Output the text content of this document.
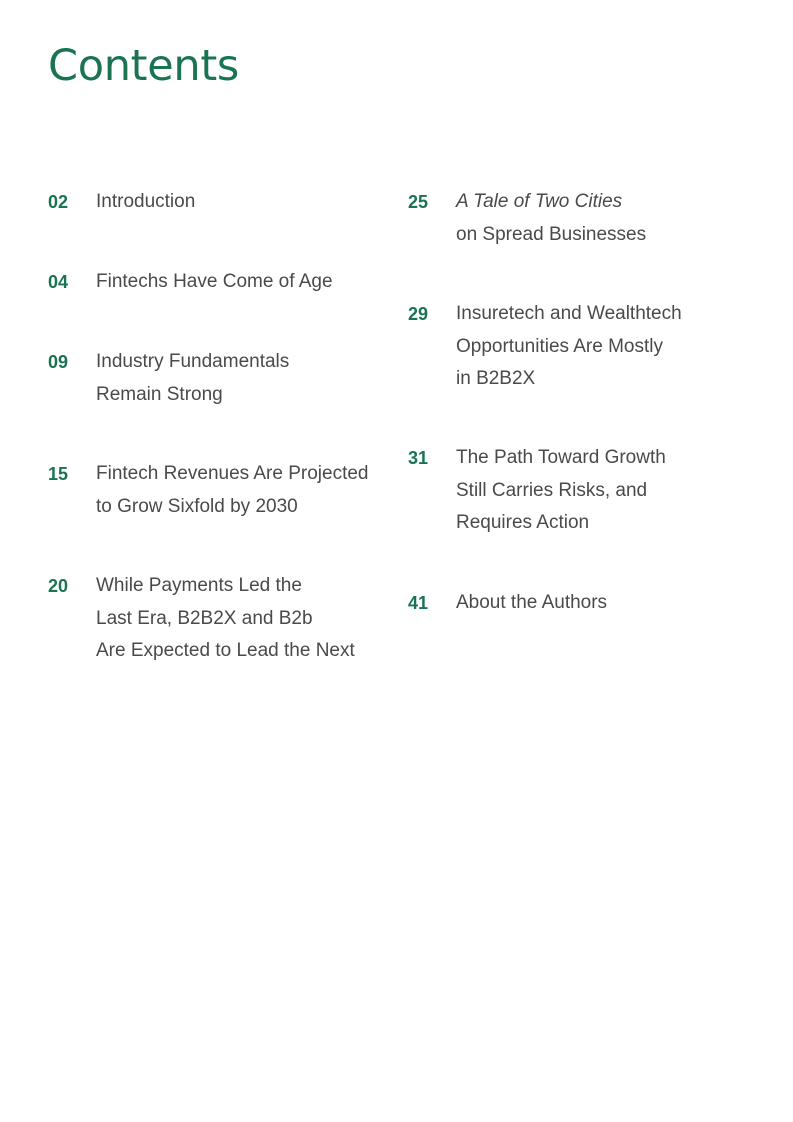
Contents
02 Introduction
04 Fintechs Have Come of Age
09 Industry Fundamentals
Remain Strong
15 Fintech Revenues Are Projected
to Grow Sixfold by 2030
20 While Payments Led the
Last Era, B2B2X and B2b
Are Expected to Lead the Next
25 A Tale of Two Cities
on Spread Businesses
29 Insuretech and Wealthtech
Opportunities Are Mostly
in B2B2X
31 The Path Toward Growth
Still Carries Risks, and
Requires Action
41 About the Authors
